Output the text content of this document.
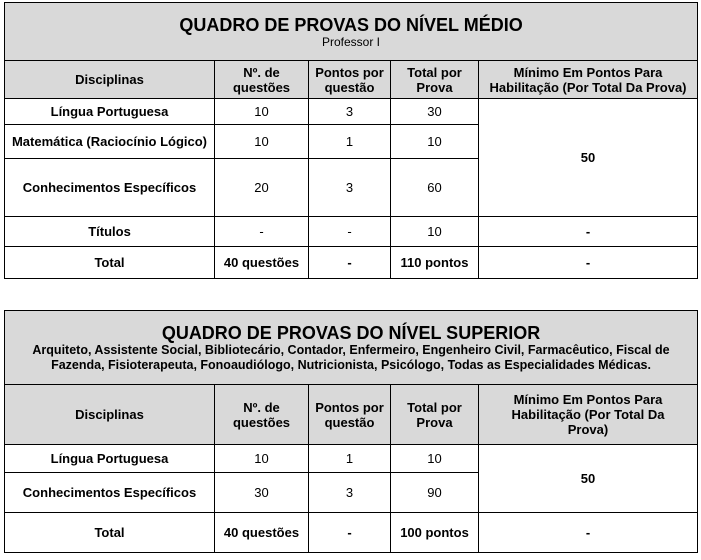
QUADRO DE PROVAS DO NÍVEL MÉDIO
Professor I				

Disciplinas	Nº. de questões	Pontos por questão	Total por Prova	Mínimo Em Pontos Para Habilitação (Por Total Da Prova)
Língua Portuguesa	10	3	30	50
Matemática (Raciocínio Lógico)	10	1	10	
Conhecimentos Específicos	20	3	60	
Títulos	-	-	10	-
Total	40 questões	-	110 pontos	-
QUADRO DE PROVAS DO NÍVEL SUPERIOR
Arquiteto, Assistente Social, Bibliotecário, Contador, Enfermeiro, Engenheiro Civil, Farmacêutico, Fiscal de Fazenda, Fisioterapeuta, Fonoaudiólogo, Nutricionista, Psicólogo, Todas as Especialidades Médicas.				

Disciplinas	Nº. de questões	Pontos por questão	Total por Prova	Mínimo Em Pontos Para Habilitação (Por Total Da Prova)
Língua Portuguesa	10	1	10	50
Conhecimentos Específicos	30	3	90	
Total	40 questões	-	100 pontos	-
